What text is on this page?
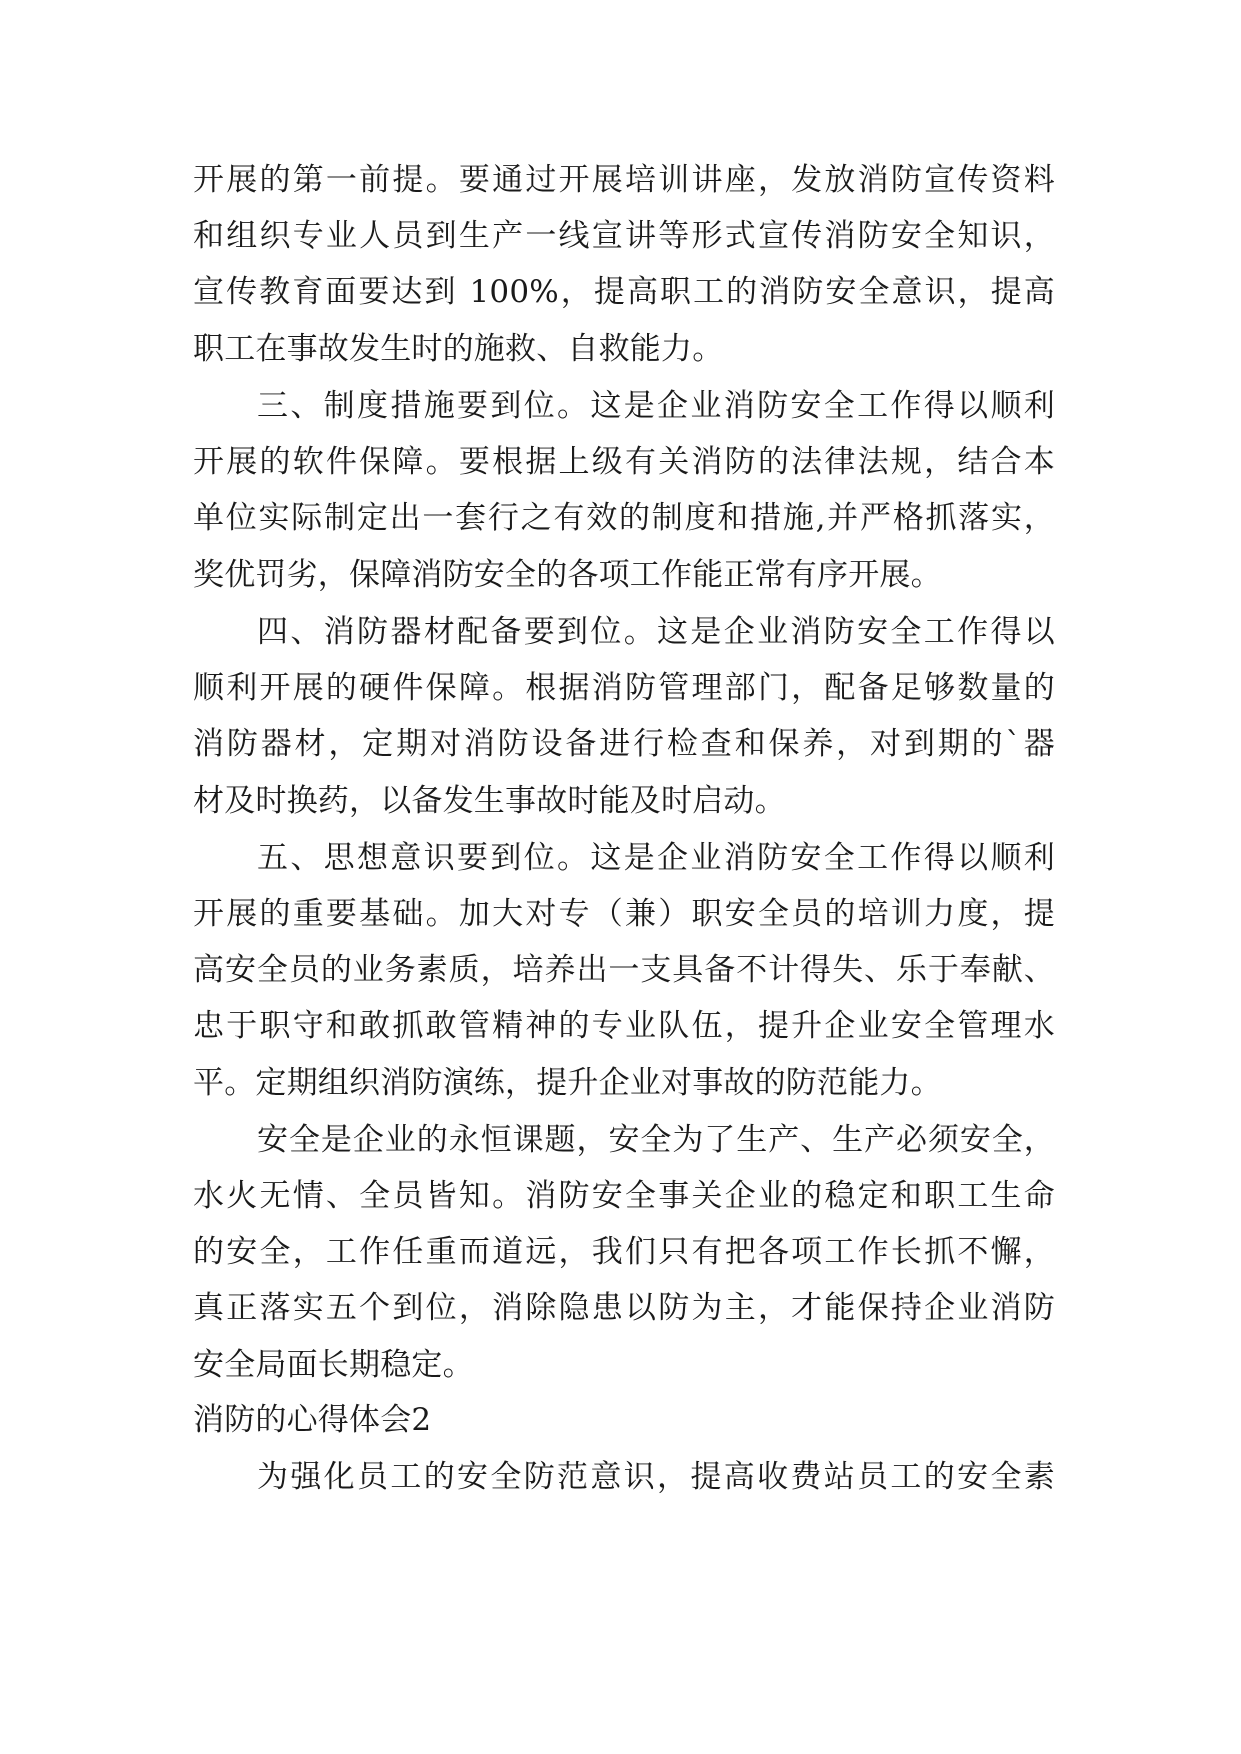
开展的第一前提。要通过开展培训讲座，发放消防宣传资料
和组织专业人员到生产一线宣讲等形式宣传消防安全知识，
宣传教育面要达到 100%，提高职工的消防安全意识，提高
职工在事故发生时的施救、自救能力。
三、制度措施要到位。这是企业消防安全工作得以顺利
开展的软件保障。要根据上级有关消防的法律法规，结合本
单位实际制定出一套行之有效的制度和措施,并严格抓落实，
奖优罚劣，保障消防安全的各项工作能正常有序开展。
四、消防器材配备要到位。这是企业消防安全工作得以
顺利开展的硬件保障。根据消防管理部门，配备足够数量的
消防器材，定期对消防设备进行检查和保养，对到期的`器
材及时换药，以备发生事故时能及时启动。
五、思想意识要到位。这是企业消防安全工作得以顺利
开展的重要基础。加大对专（兼）职安全员的培训力度，提
高安全员的业务素质，培养出一支具备不计得失、乐于奉献、
忠于职守和敢抓敢管精神的专业队伍，提升企业安全管理水
平。定期组织消防演练，提升企业对事故的防范能力。
安全是企业的永恒课题，安全为了生产、生产必须安全，
水火无情、全员皆知。消防安全事关企业的稳定和职工生命
的安全，工作任重而道远，我们只有把各项工作长抓不懈，
真正落实五个到位，消除隐患以防为主，才能保持企业消防
安全局面长期稳定。
消防的心得体会2
为强化员工的安全防范意识，提高收费站员工的安全素
